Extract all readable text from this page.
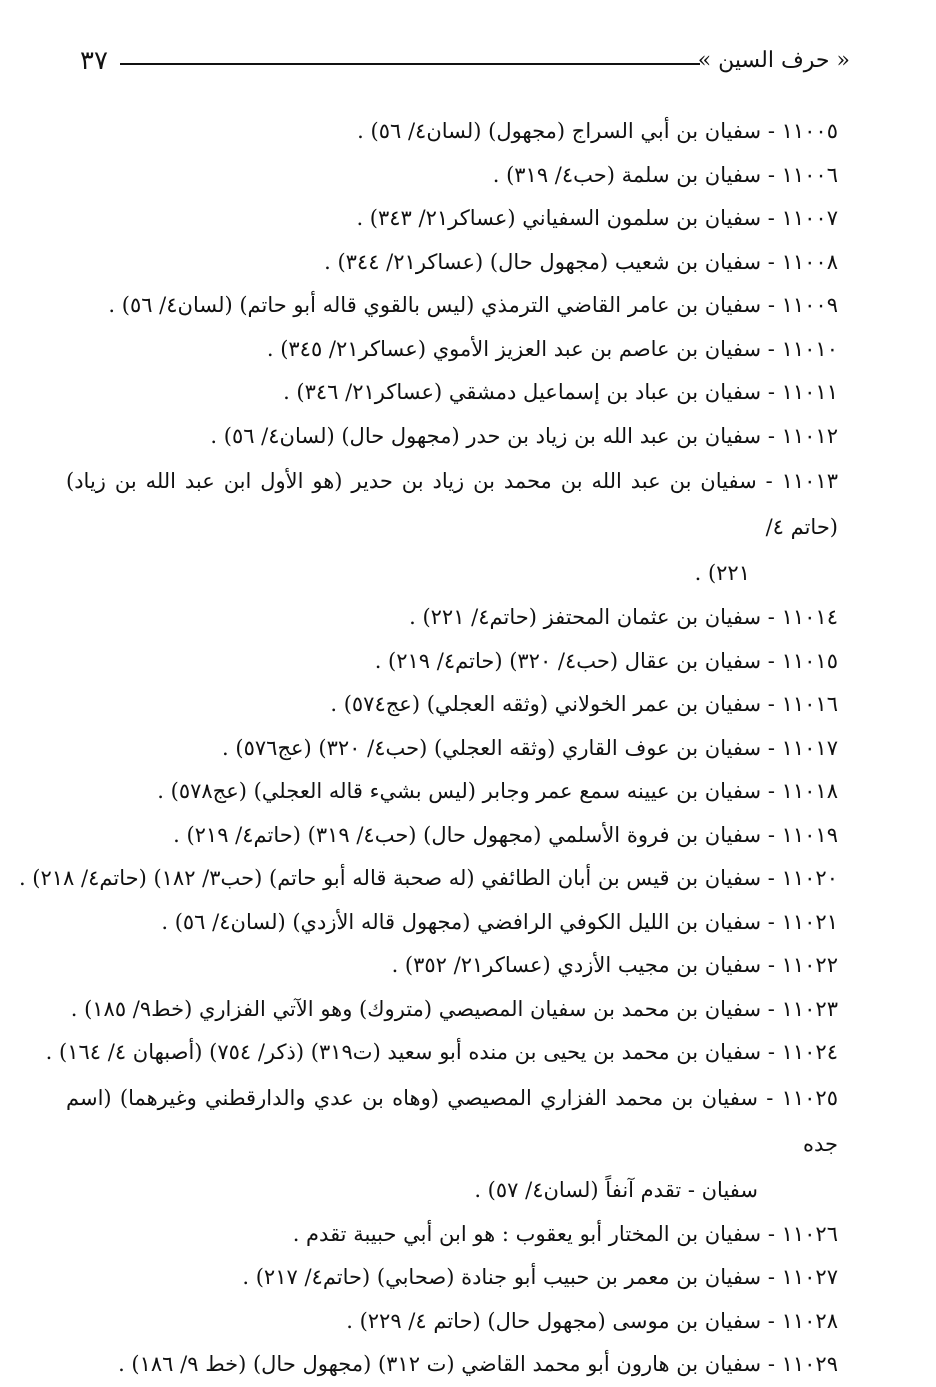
٣٧	« حرف السين »
١١٠٠٥ - سفيان بن أبي السراج (مجهول) (لسان٤/ ٥٦) .
١١٠٠٦ - سفيان بن سلمة (حب٤/ ٣١٩) .
١١٠٠٧ - سفيان بن سلمون السفياني (عساكر٢١/ ٣٤٣) .
١١٠٠٨ - سفيان بن شعيب (مجهول حال) (عساكر٢١/ ٣٤٤) .
١١٠٠٩ - سفيان بن عامر القاضي الترمذي (ليس بالقوي قاله أبو حاتم) (لسان٤/ ٥٦) .
١١٠١٠ - سفيان بن عاصم بن عبد العزيز الأموي (عساكر٢١/ ٣٤٥) .
١١٠١١ - سفيان بن عباد بن إسماعيل دمشقي (عساكر٢١/ ٣٤٦) .
١١٠١٢ - سفيان بن عبد الله بن زياد بن حدر (مجهول حال) (لسان٤/ ٥٦) .
١١٠١٣ - سفيان بن عبد الله بن محمد بن زياد بن حدير (هو الأول ابن عبد الله بن زياد) (حاتم ٤/
٢٢١) .
١١٠١٤ - سفيان بن عثمان المحتفز (حاتم٤/ ٢٢١) .
١١٠١٥ - سفيان بن عقال (حب٤/ ٣٢٠) (حاتم٤/ ٢١٩) .
١١٠١٦ - سفيان بن عمر الخولاني (وثقه العجلي) (عج٥٧٤) .
١١٠١٧ - سفيان بن عوف القاري (وثقه العجلي) (حب٤/ ٣٢٠) (عج٥٧٦) .
١١٠١٨ - سفيان بن عيينه سمع عمر وجابر (ليس بشيء قاله العجلي) (عج٥٧٨) .
١١٠١٩ - سفيان بن فروة الأسلمي (مجهول حال) (حب٤/ ٣١٩) (حاتم٤/ ٢١٩) .
١١٠٢٠ - سفيان بن قيس بن أبان الطائفي (له صحبة قاله أبو حاتم) (حب٣/ ١٨٢) (حاتم٤/ ٢١٨) .
١١٠٢١ - سفيان بن الليل الكوفي الرافضي (مجهول قاله الأزدي) (لسان٤/ ٥٦) .
١١٠٢٢ - سفيان بن مجيب الأزدي (عساكر٢١/ ٣٥٢) .
١١٠٢٣ - سفيان بن محمد بن سفيان المصيصي (متروك) وهو الآتي الفزاري (خط٩/ ١٨٥) .
١١٠٢٤ - سفيان بن محمد بن يحيى بن منده أبو سعيد (ت٣١٩) (ذكر/ ٧٥٤) (أصبهان ٤/ ١٦٤) .
١١٠٢٥ - سفيان بن محمد الفزاري المصيصي (وهاه بن عدي والدارقطني وغيرهما) (اسم جده
سفيان - تقدم آنفاً (لسان٤/ ٥٧) .
١١٠٢٦ - سفيان بن المختار أبو يعقوب : هو ابن أبي حبيبة تقدم .
١١٠٢٧ - سفيان بن معمر بن حبيب أبو جنادة (صحابي) (حاتم٤/ ٢١٧) .
١١٠٢٨ - سفيان بن موسى (مجهول حال) (حاتم ٤/ ٢٢٩) .
١١٠٢٩ - سفيان بن هارون أبو محمد القاضي (ت ٣١٢) (مجهول حال) (خط ٩/ ١٨٦) .
